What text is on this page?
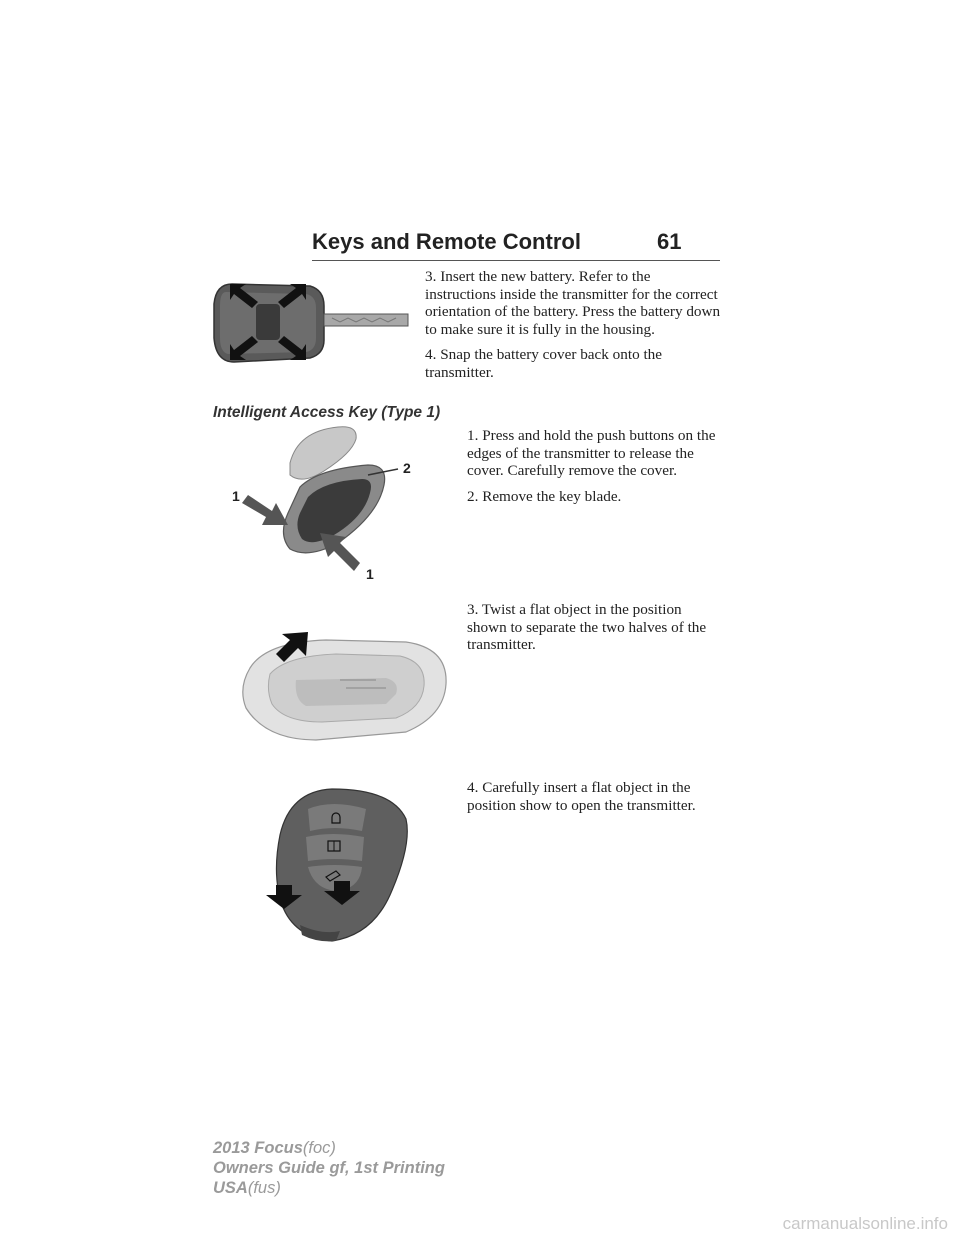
Keys and Remote Control	61

3. Insert the new battery. Refer to the instructions inside the transmitter for the correct orientation of the battery. Press the battery down to make sure it is fully in the housing.

4. Snap the battery cover back onto the transmitter.

Intelligent Access Key (Type 1)
1
1
2

1. Press and hold the push buttons on the edges of the transmitter to release the cover. Carefully remove the cover.

2. Remove the key blade.

3. Twist a flat object in the position shown to separate the two halves of the transmitter.

4. Carefully insert a flat object in the position show to open the transmitter.

2013 Focus(foc)
Owners Guide gf, 1st Printing
USA(fus)
carmanualsonline.info
